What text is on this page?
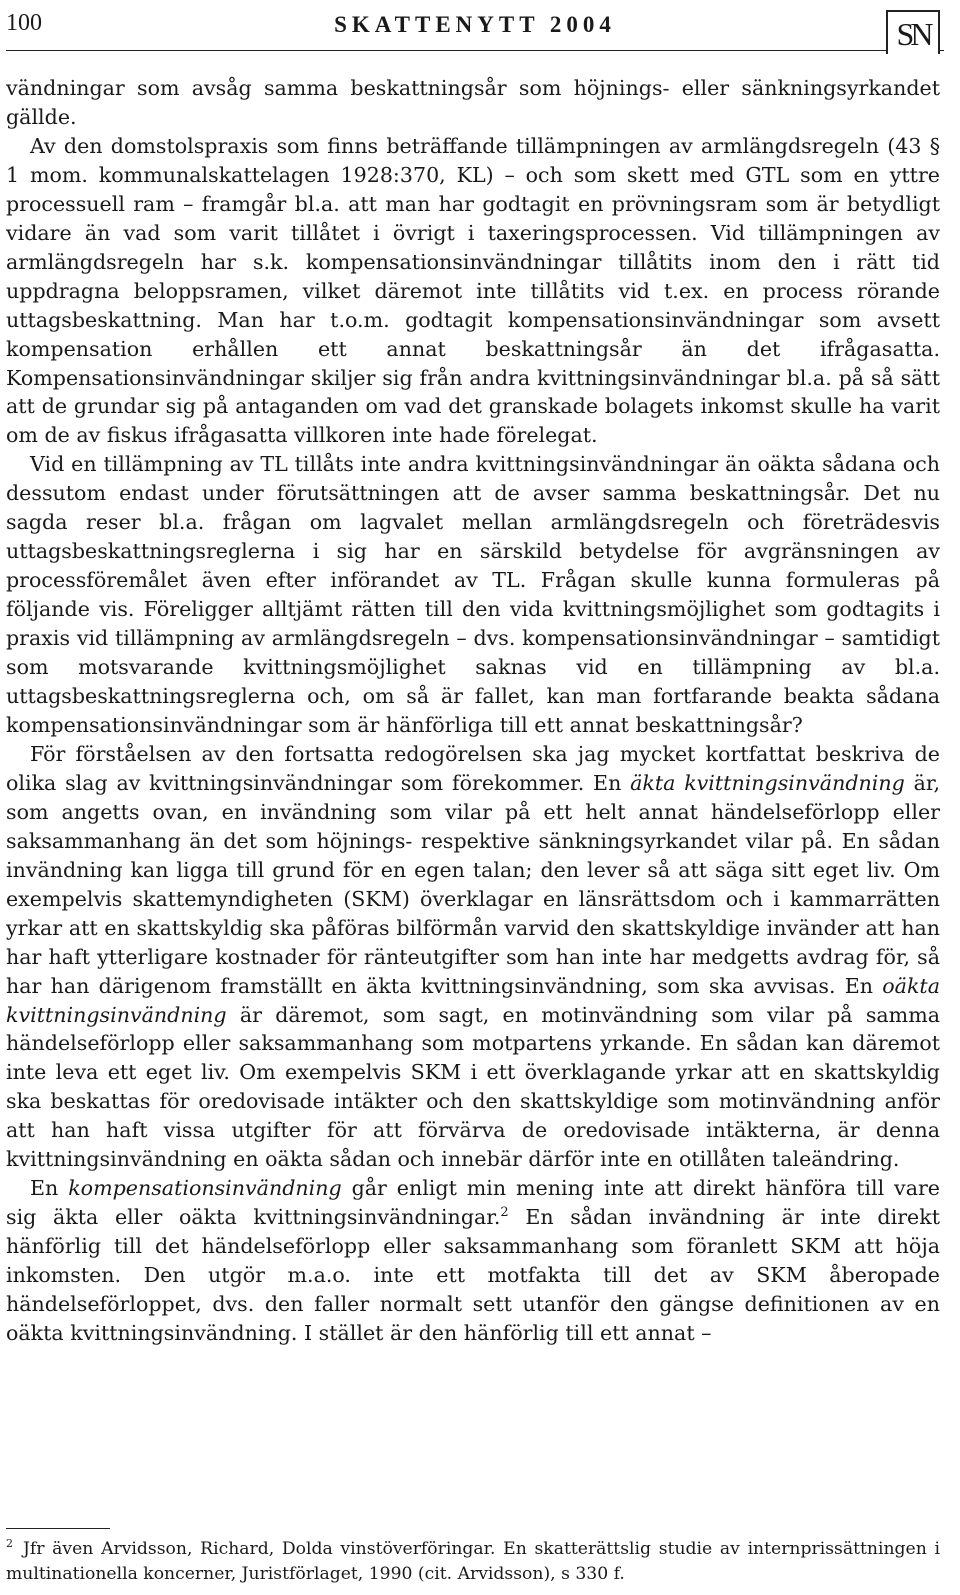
100	SKATTENYTT 2004	SN

vändningar som avsåg samma beskattningsår som höjnings- eller sänkningsyrkandet gällde.

Av den domstolspraxis som finns beträffande tillämpningen av armlängdsregeln (43 § 1 mom. kommunalskattelagen 1928:370, KL) – och som skett med GTL som en yttre processuell ram – framgår bl.a. att man har godtagit en prövningsram som är betydligt vidare än vad som varit tillåtet i övrigt i taxeringsprocessen. Vid tillämpningen av armlängdsregeln har s.k. kompensationsinvändningar tillåtits inom den i rätt tid uppdragna beloppsramen, vilket däremot inte tillåtits vid t.ex. en process rörande uttagsbeskattning. Man har t.o.m. godtagit kompensationsinvändningar som avsett kompensation erhållen ett annat beskattningsår än det ifrågasatta. Kompensationsinvändningar skiljer sig från andra kvittningsinvändningar bl.a. på så sätt att de grundar sig på antaganden om vad det granskade bolagets inkomst skulle ha varit om de av fiskus ifrågasatta villkoren inte hade förelegat.

Vid en tillämpning av TL tillåts inte andra kvittningsinvändningar än oäkta sådana och dessutom endast under förutsättningen att de avser samma beskattningsår. Det nu sagda reser bl.a. frågan om lagvalet mellan armlängdsregeln och företrädesvis uttagsbeskattningsreglerna i sig har en särskild betydelse för avgränsningen av processföremålet även efter införandet av TL. Frågan skulle kunna formuleras på följande vis. Föreligger alltjämt rätten till den vida kvittningsmöjlighet som godtagits i praxis vid tillämpning av armlängdsregeln – dvs. kompensationsinvändningar – samtidigt som motsvarande kvittningsmöjlighet saknas vid en tillämpning av bl.a. uttagsbeskattningsreglerna och, om så är fallet, kan man fortfarande beakta sådana kompensationsinvändningar som är hänförliga till ett annat beskattningsår?

För förståelsen av den fortsatta redogörelsen ska jag mycket kortfattat beskriva de olika slag av kvittningsinvändningar som förekommer. En äkta kvittningsinvändning är, som angetts ovan, en invändning som vilar på ett helt annat händelseförlopp eller saksammanhang än det som höjnings- respektive sänkningsyrkandet vilar på. En sådan invändning kan ligga till grund för en egen talan; den lever så att säga sitt eget liv. Om exempelvis skattemyndigheten (SKM) överklagar en länsrättsdom och i kammarrätten yrkar att en skattskyldig ska påföras bilförmån varvid den skattskyldige invänder att han har haft ytterligare kostnader för ränteutgifter som han inte har medgetts avdrag för, så har han därigenom framställt en äkta kvittningsinvändning, som ska avvisas. En oäkta kvittningsinvändning är däremot, som sagt, en motinvändning som vilar på samma händelseförlopp eller saksammanhang som motpartens yrkande. En sådan kan däremot inte leva ett eget liv. Om exempelvis SKM i ett överklagande yrkar att en skattskyldig ska beskattas för oredovisade intäkter och den skattskyldige som motinvändning anför att han haft vissa utgifter för att förvärva de oredovisade intäkterna, är denna kvittningsinvändning en oäkta sådan och innebär därför inte en otillåten taleändring.

En kompensationsinvändning går enligt min mening inte att direkt hänföra till vare sig äkta eller oäkta kvittningsinvändningar.$^2$ En sådan invändning är inte direkt hänförlig till det händelseförlopp eller saksammanhang som föranlett SKM att höja inkomsten. Den utgör m.a.o. inte ett motfakta till det av SKM åberopade händelseförloppet, dvs. den faller normalt sett utanför den gängse definitionen av en oäkta kvittningsinvändning. I stället är den hänförlig till ett annat –

$^2$ Jfr även Arvidsson, Richard, Dolda vinstöverföringar. En skatterättslig studie av internprissättningen i multinationella koncerner, Juristförlaget, 1990 (cit. Arvidsson), s 330 f.
